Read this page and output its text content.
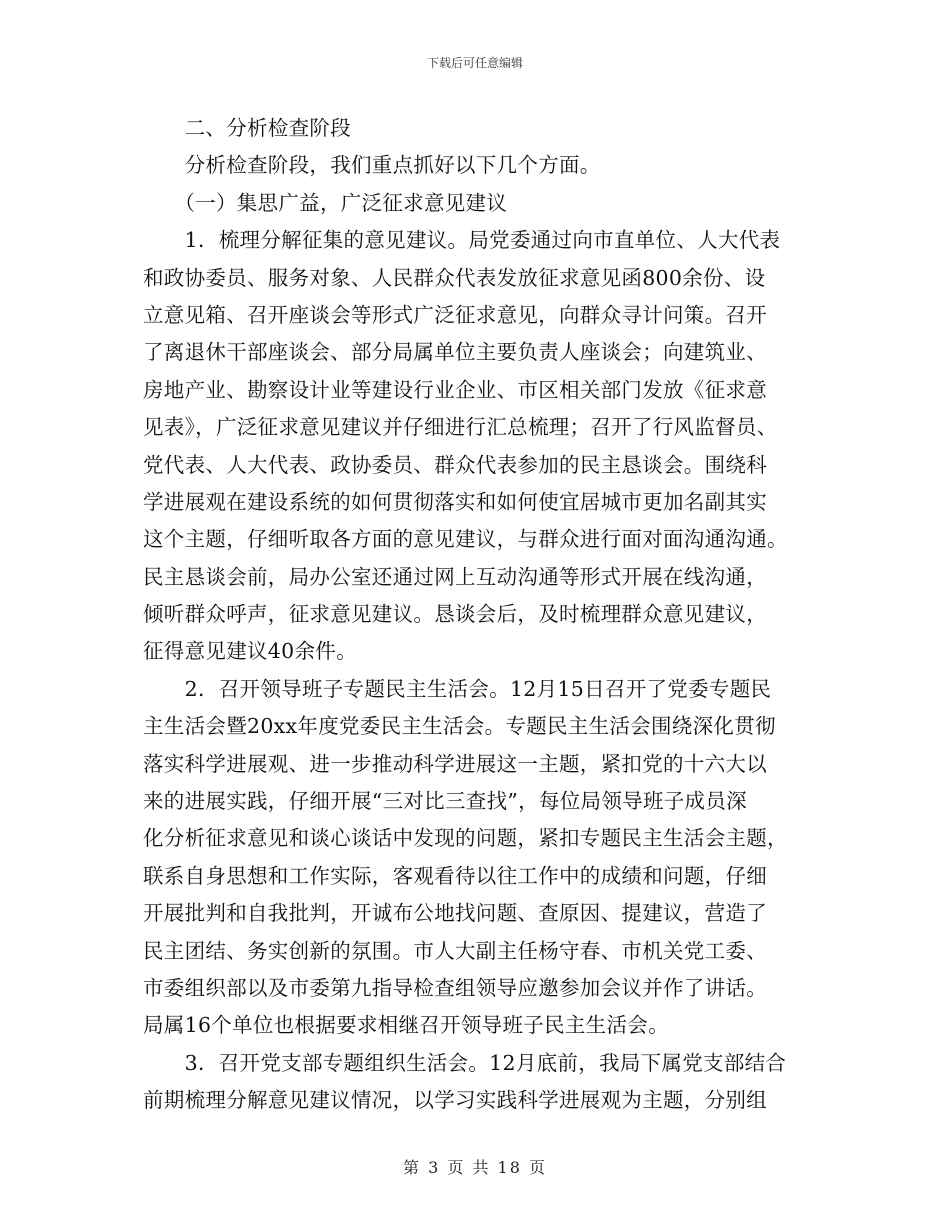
下载后可任意编辑
　　二、分析检查阶段
　　分析检查阶段，我们重点抓好以下几个方面。
　　（一）集思广益，广泛征求意见建议
　　1．梳理分解征集的意见建议。局党委通过向市直单位、人大代表
和政协委员、服务对象、人民群众代表发放征求意见函800余份、设
立意见箱、召开座谈会等形式广泛征求意见，向群众寻计问策。召开
了离退休干部座谈会、部分局属单位主要负责人座谈会；向建筑业、
房地产业、勘察设计业等建设行业企业、市区相关部门发放《征求意
见表》，广泛征求意见建议并仔细进行汇总梳理；召开了行风监督员、
党代表、人大代表、政协委员、群众代表参加的民主恳谈会。围绕科
学进展观在建设系统的如何贯彻落实和如何使宜居城市更加名副其实
这个主题，仔细听取各方面的意见建议，与群众进行面对面沟通沟通。
民主恳谈会前，局办公室还通过网上互动沟通等形式开展在线沟通，
倾听群众呼声，征求意见建议。恳谈会后，及时梳理群众意见建议，
征得意见建议40余件。
　　2．召开领导班子专题民主生活会。12月15日召开了党委专题民
主生活会暨20xx年度党委民主生活会。专题民主生活会围绕深化贯彻
落实科学进展观、进一步推动科学进展这一主题，紧扣党的十六大以
来的进展实践，仔细开展“三对比三查找”，每位局领导班子成员深
化分析征求意见和谈心谈话中发现的问题，紧扣专题民主生活会主题，
联系自身思想和工作实际，客观看待以往工作中的成绩和问题，仔细
开展批判和自我批判，开诚布公地找问题、查原因、提建议，营造了
民主团结、务实创新的氛围。市人大副主任杨守春、市机关党工委、
市委组织部以及市委第九指导检查组领导应邀参加会议并作了讲话。
局属16个单位也根据要求相继召开领导班子民主生活会。
　　3．召开党支部专题组织生活会。12月底前，我局下属党支部结合
前期梳理分解意见建议情况，以学习实践科学进展观为主题，分别组
第 3 页 共 18 页
